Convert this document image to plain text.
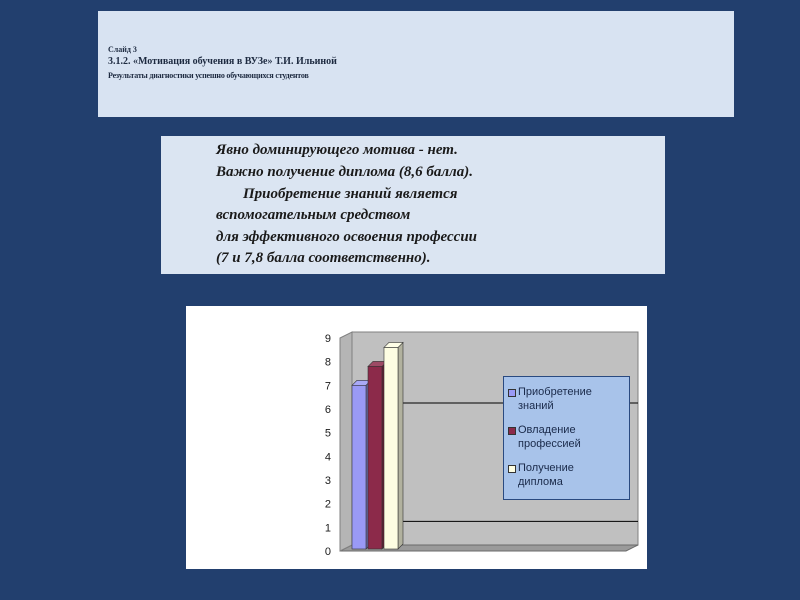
Слайд 3
3.1.2. «Мотивация обучения в ВУЗе» Т.И. Ильиной
Результаты диагностики успешно обучающихся студентов
Явно доминирующего мотива - нет.
Важно получение диплома (8,6 балла).
Приобретение знаний является
вспомогательным средством
для эффективного освоения профессии
(7 и 7,8 балла соответственно).
0
1
2
3
4
5
6
7
8
9
Приобретение
знаний
Овладение
профессией
Получение
диплома
